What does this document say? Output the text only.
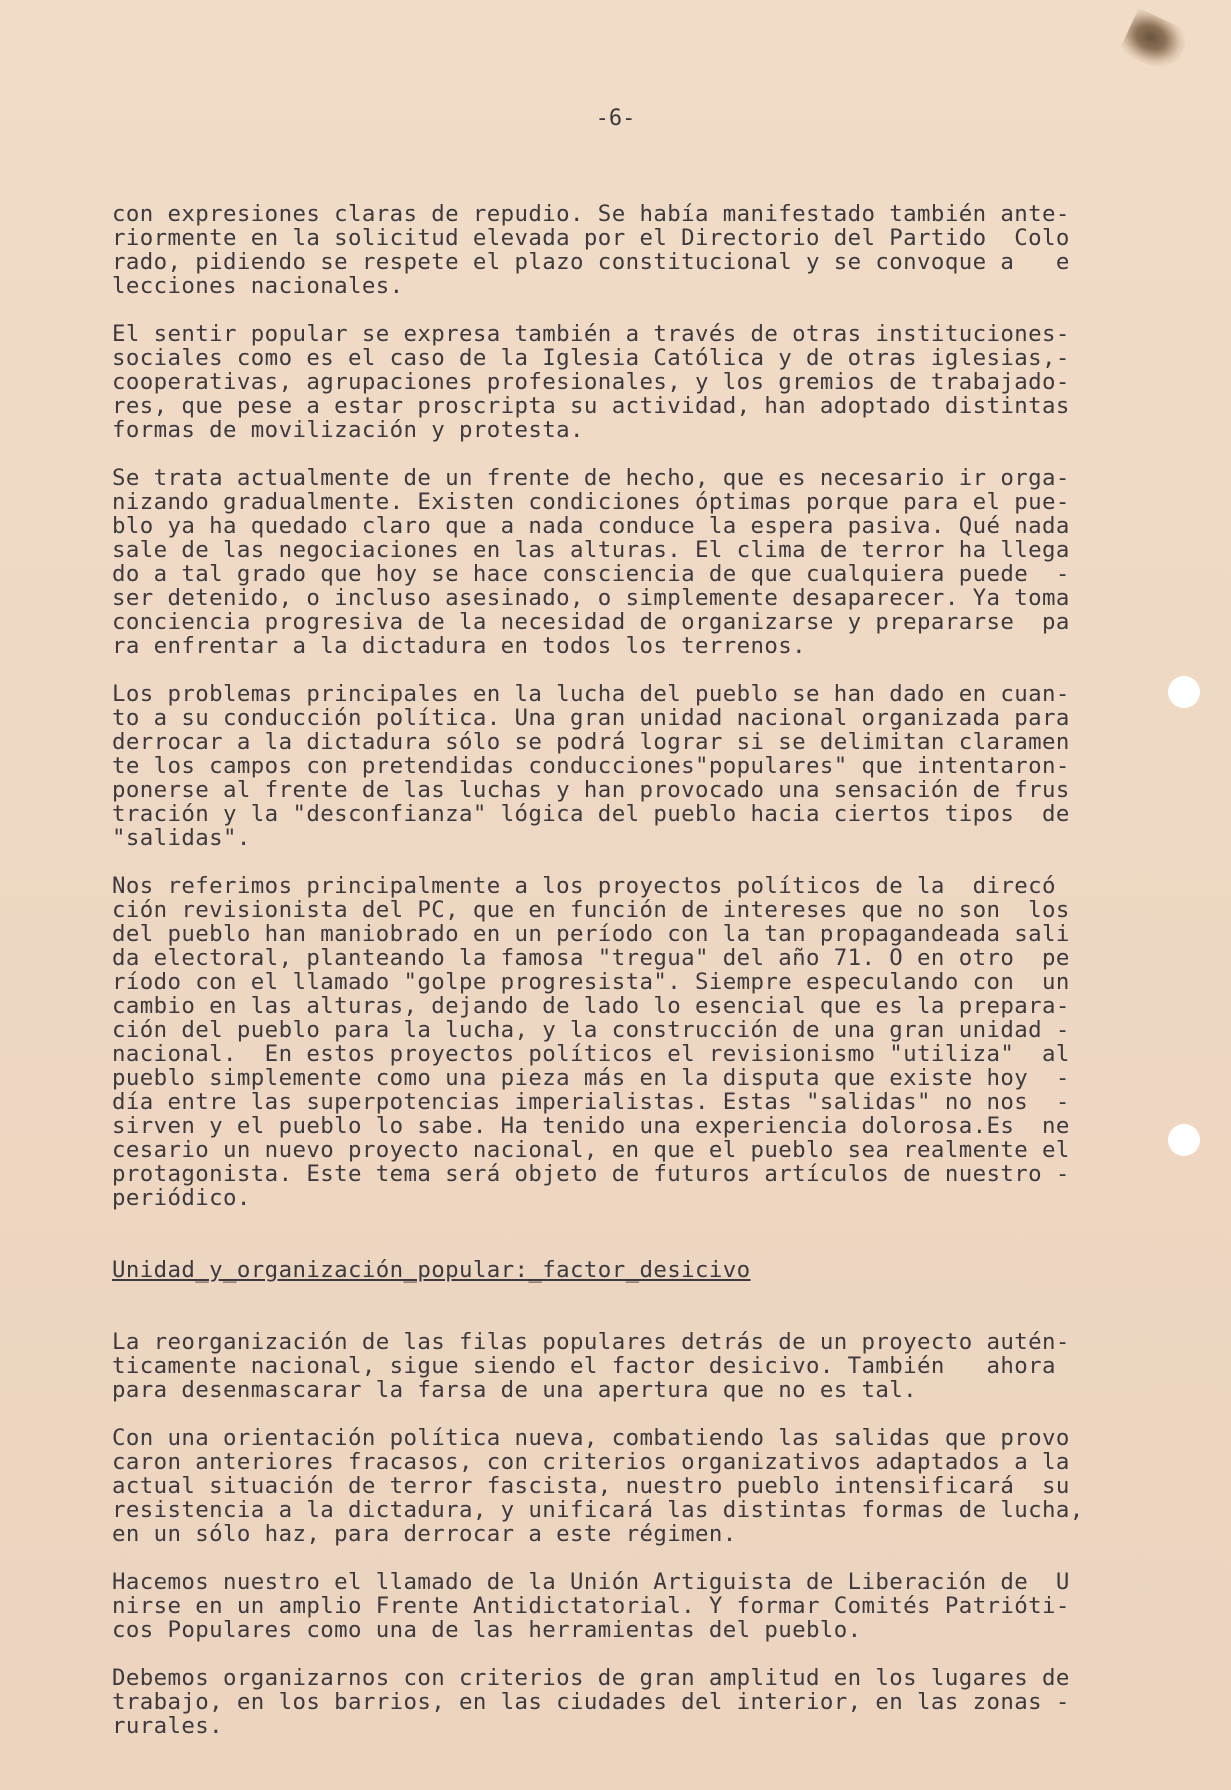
-6-
con expresiones claras de repudio. Se había manifestado también ante-
riormente en la solicitud elevada por el Directorio del Partido  Colo
rado, pidiendo se respete el plazo constitucional y se convoque a   e
lecciones nacionales.
El sentir popular se expresa también a través de otras instituciones-
sociales como es el caso de la Iglesia Católica y de otras iglesias,-
cooperativas, agrupaciones profesionales, y los gremios de trabajado-
res, que pese a estar proscripta su actividad, han adoptado distintas
formas de movilización y protesta.
Se trata actualmente de un frente de hecho, que es necesario ir orga-
nizando gradualmente. Existen condiciones óptimas porque para el pue-
blo ya ha quedado claro que a nada conduce la espera pasiva. Qué nada
sale de las negociaciones en las alturas. El clima de terror ha llega
do a tal grado que hoy se hace consciencia de que cualquiera puede  -
ser detenido, o incluso asesinado, o simplemente desaparecer. Ya toma
conciencia progresiva de la necesidad de organizarse y prepararse  pa
ra enfrentar a la dictadura en todos los terrenos.
Los problemas principales en la lucha del pueblo se han dado en cuan-
to a su conducción política. Una gran unidad nacional organizada para
derrocar a la dictadura sólo se podrá lograr si se delimitan claramen
te los campos con pretendidas conducciones"populares" que intentaron-
ponerse al frente de las luchas y han provocado una sensación de frus
tración y la "desconfianza" lógica del pueblo hacia ciertos tipos  de
"salidas".
Nos referimos principalmente a los proyectos políticos de la  direcó
ción revisionista del PC, que en función de intereses que no son  los
del pueblo han maniobrado en un período con la tan propagandeada sali
da electoral, planteando la famosa "tregua" del año 71. O en otro  pe
ríodo con el llamado "golpe progresista". Siempre especulando con  un
cambio en las alturas, dejando de lado lo esencial que es la prepara-
ción del pueblo para la lucha, y la construcción de una gran unidad -
nacional.  En estos proyectos políticos el revisionismo "utiliza"  al
pueblo simplemente como una pieza más en la disputa que existe hoy  -
día entre las superpotencias imperialistas. Estas "salidas" no nos  -
sirven y el pueblo lo sabe. Ha tenido una experiencia dolorosa.Es  ne
cesario un nuevo proyecto nacional, en que el pueblo sea realmente el
protagonista. Este tema será objeto de futuros artículos de nuestro -
periódico.
Unidad_y_organización_popular:_factor_desicivo
La reorganización de las filas populares detrás de un proyecto autén-
ticamente nacional, sigue siendo el factor desicivo. También   ahora
para desenmascarar la farsa de una apertura que no es tal.
Con una orientación política nueva, combatiendo las salidas que provo
caron anteriores fracasos, con criterios organizativos adaptados a la
actual situación de terror fascista, nuestro pueblo intensificará  su
resistencia a la dictadura, y unificará las distintas formas de lucha,
en un sólo haz, para derrocar a este régimen.
Hacemos nuestro el llamado de la Unión Artiguista de Liberación de  U
nirse en un amplio Frente Antidictatorial. Y formar Comités Patrióti-
cos Populares como una de las herramientas del pueblo.
Debemos organizarnos con criterios de gran amplitud en los lugares de
trabajo, en los barrios, en las ciudades del interior, en las zonas -
rurales.
